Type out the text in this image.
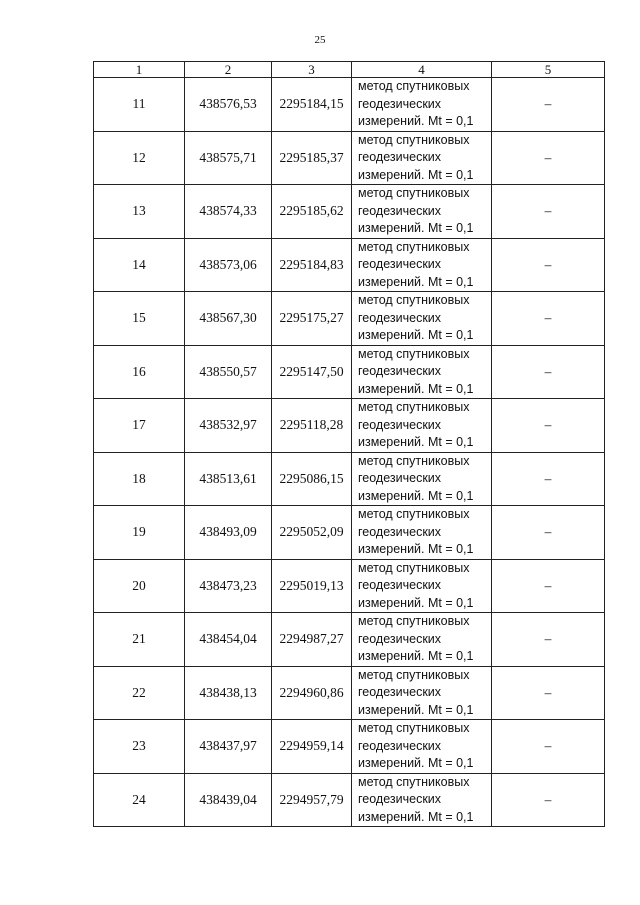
25
1	2	3	4	5
11	438576,53	2295184,15	метод спутниковых
геодезических
измерений. Mt = 0,1	–
12	438575,71	2295185,37	метод спутниковых
геодезических
измерений. Mt = 0,1	–
13	438574,33	2295185,62	метод спутниковых
геодезических
измерений. Mt = 0,1	–
14	438573,06	2295184,83	метод спутниковых
геодезических
измерений. Mt = 0,1	–
15	438567,30	2295175,27	метод спутниковых
геодезических
измерений. Mt = 0,1	–
16	438550,57	2295147,50	метод спутниковых
геодезических
измерений. Mt = 0,1	–
17	438532,97	2295118,28	метод спутниковых
геодезических
измерений. Mt = 0,1	–
18	438513,61	2295086,15	метод спутниковых
геодезических
измерений. Mt = 0,1	–
19	438493,09	2295052,09	метод спутниковых
геодезических
измерений. Mt = 0,1	–
20	438473,23	2295019,13	метод спутниковых
геодезических
измерений. Mt = 0,1	–
21	438454,04	2294987,27	метод спутниковых
геодезических
измерений. Mt = 0,1	–
22	438438,13	2294960,86	метод спутниковых
геодезических
измерений. Mt = 0,1	–
23	438437,97	2294959,14	метод спутниковых
геодезических
измерений. Mt = 0,1	–
24	438439,04	2294957,79	метод спутниковых
геодезических
измерений. Mt = 0,1	–
